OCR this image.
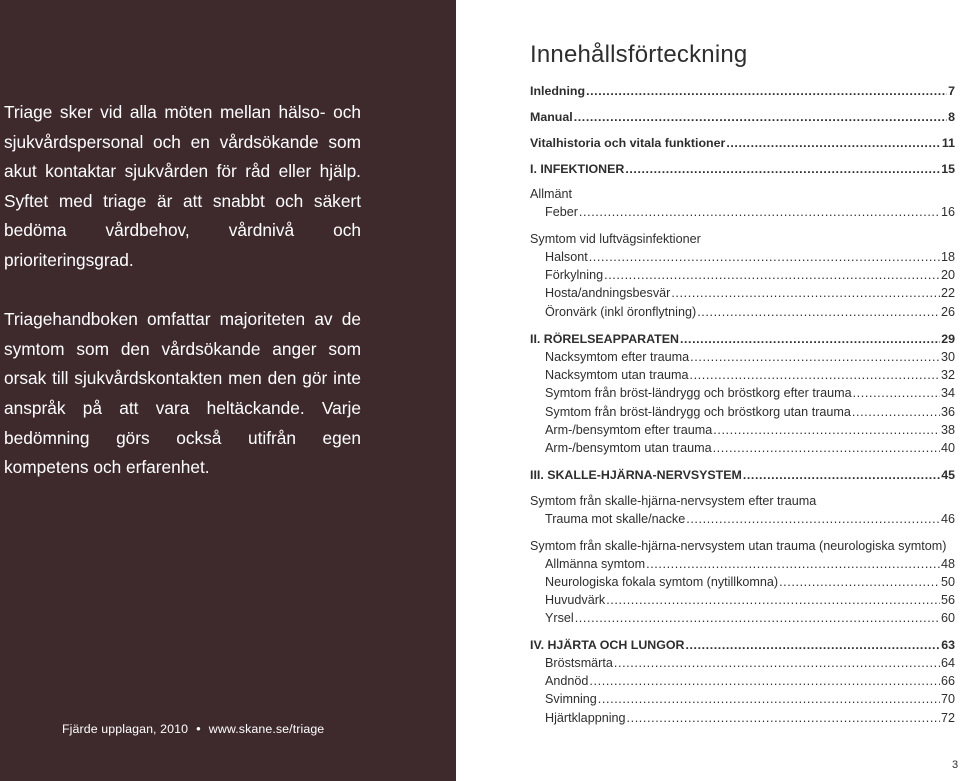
Triage sker vid alla möten mellan hälso- och sjukvårdspersonal och en vårdsökande som akut kontaktar sjukvården för råd eller hjälp. Syftet med triage är att snabbt och säkert bedöma vårdbehov, vårdnivå och prioriteringsgrad.

Triagehandboken omfattar majoriteten av de symtom som den vårdsökande anger som orsak till sjukvårdskontakten men den gör inte anspråk på att vara heltäckande. Varje bedömning görs också utifrån egen kompetens och erfarenhet.

Fjärde upplagan, 2010 • www.skane.se/triage
Innehållsförteckning
Inledning .....	7
Manual .....	8
Vitalhistoria och vitala funktioner .....	11
I. INFEKTIONER .....	15
Allmänt
Feber .....	16
Symtom vid luftvägsinfektioner
Halsont .....	18
Förkylning .....	20
Hosta/andningsbesvär .....	22
Öronvärk (inkl öronflytning) .....	26
II. RÖRELSEAPPARATEN .....	29
Nacksymtom efter trauma .....	30
Nacksymtom utan trauma .....	32
Symtom från bröst-ländrygg och bröstkorg efter trauma .....	34
Symtom från bröst-ländrygg och bröstkorg utan trauma .....	36
Arm-/bensymtom efter trauma .....	38
Arm-/bensymtom utan trauma .....	40
III. SKALLE-HJÄRNA-NERVSYSTEM .....	45
Symtom från skalle-hjärna-nervsystem efter trauma
Trauma mot skalle/nacke .....	46
Symtom från skalle-hjärna-nervsystem utan trauma (neurologiska symtom)
Allmänna symtom .....	48
Neurologiska fokala symtom (nytillkomna) .....	50
Huvudvärk .....	56
Yrsel .....	60
IV. HJÄRTA OCH LUNGOR .....	63
Bröstsmärta .....	64
Andnöd .....	66
Svimning .....	70
Hjärtklappning .....	72
3
